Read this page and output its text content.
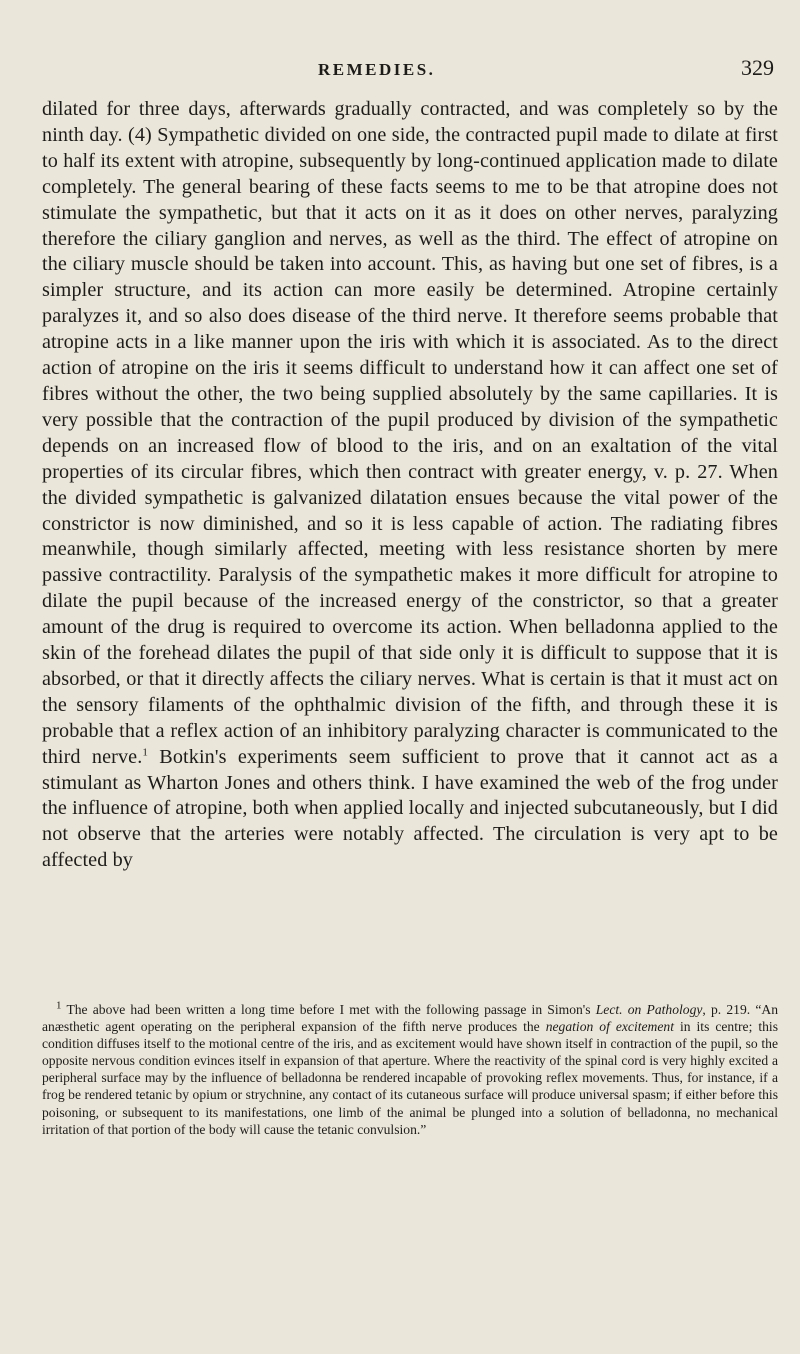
REMEDIES.	329

dilated for three days, afterwards gradually contracted, and was completely so by the ninth day. (4) Sympathetic divided on one side, the contracted pupil made to dilate at first to half its extent with atropine, subsequently by long-continued application made to dilate completely. The general bearing of these facts seems to me to be that atropine does not stimulate the sympathetic, but that it acts on it as it does on other nerves, paralyzing therefore the ciliary ganglion and nerves, as well as the third. The effect of atropine on the ciliary muscle should be taken into account. This, as having but one set of fibres, is a simpler structure, and its action can more easily be determined. Atropine certainly paralyzes it, and so also does disease of the third nerve. It therefore seems probable that atropine acts in a like manner upon the iris with which it is associated. As to the direct action of atropine on the iris it seems difficult to understand how it can affect one set of fibres without the other, the two being supplied absolutely by the same capillaries. It is very possible that the contraction of the pupil produced by division of the sympathetic depends on an increased flow of blood to the iris, and on an exaltation of the vital properties of its circular fibres, which then contract with greater energy, v. p. 27. When the divided sympathetic is galvanized dilatation ensues because the vital power of the constrictor is now diminished, and so it is less capable of action. The radiating fibres meanwhile, though similarly affected, meeting with less resistance shorten by mere passive contractility. Paralysis of the sympathetic makes it more difficult for atropine to dilate the pupil because of the increased energy of the constrictor, so that a greater amount of the drug is required to overcome its action. When belladonna applied to the skin of the forehead dilates the pupil of that side only it is difficult to suppose that it is absorbed, or that it directly affects the ciliary nerves. What is certain is that it must act on the sensory filaments of the ophthalmic division of the fifth, and through these it is probable that a reflex action of an inhibitory paralyzing character is communicated to the third nerve.$^1$ Botkin's experiments seem sufficient to prove that it cannot act as a stimulant as Wharton Jones and others think. I have examined the web of the frog under the influence of atropine, both when applied locally and injected subcutaneously, but I did not observe that the arteries were notably affected. The circulation is very apt to be affected by

$^1$ The above had been written a long time before I met with the following passage in Simon's Lect. on Pathology, p. 219. “An anæsthetic agent operating on the peripheral expansion of the fifth nerve produces the negation of excitement in its centre; this condition diffuses itself to the motional centre of the iris, and as excitement would have shown itself in contraction of the pupil, so the opposite nervous condition evinces itself in expansion of that aperture. Where the reactivity of the spinal cord is very highly excited a peripheral surface may by the influence of belladonna be rendered incapable of provoking reflex movements. Thus, for instance, if a frog be rendered tetanic by opium or strychnine, any contact of its cutaneous surface will produce universal spasm; if either before this poisoning, or subsequent to its manifestations, one limb of the animal be plunged into a solution of belladonna, no mechanical irritation of that portion of the body will cause the tetanic convulsion.”
